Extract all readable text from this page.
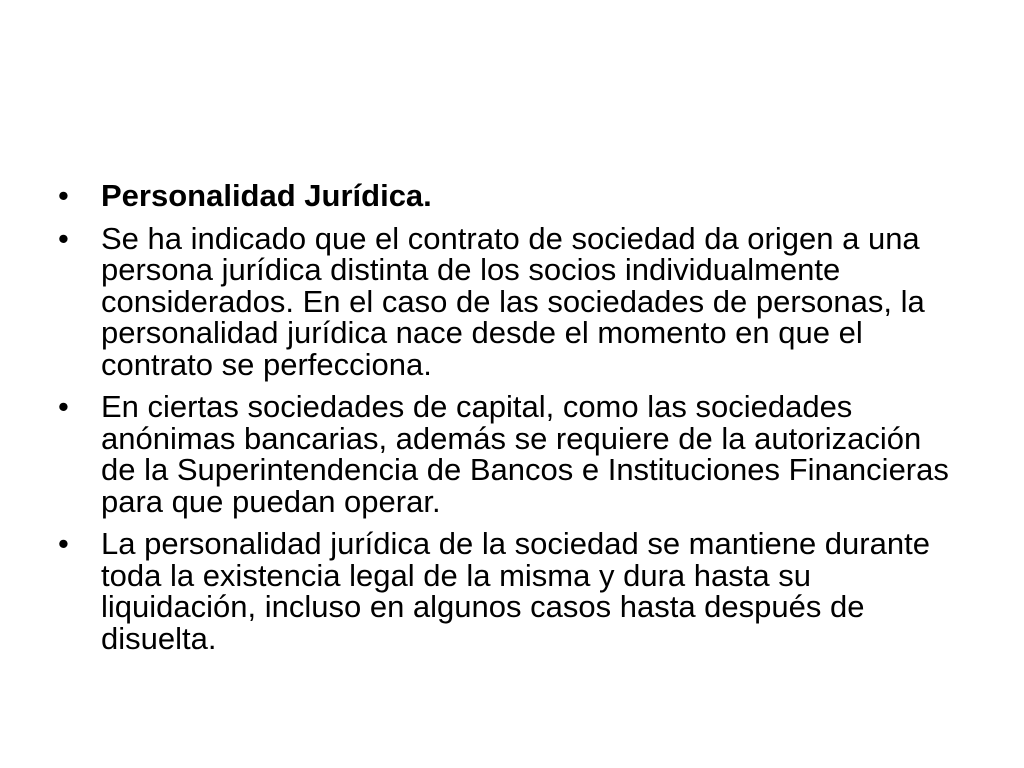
•	Personalidad Jurídica.
•	Se ha indicado que el contrato de sociedad da origen a una persona jurídica distinta de los socios individualmente considerados. En el caso de las sociedades de personas, la personalidad jurídica nace desde el momento en que el contrato se perfecciona.
•	En ciertas sociedades de capital, como las sociedades anónimas bancarias, además se requiere de la autorización de la Superintendencia de Bancos e Instituciones Financieras para que puedan operar.
•	La personalidad jurídica de la sociedad se mantiene durante toda la existencia legal de la misma y dura hasta su liquidación, incluso en algunos casos hasta después de disuelta.
